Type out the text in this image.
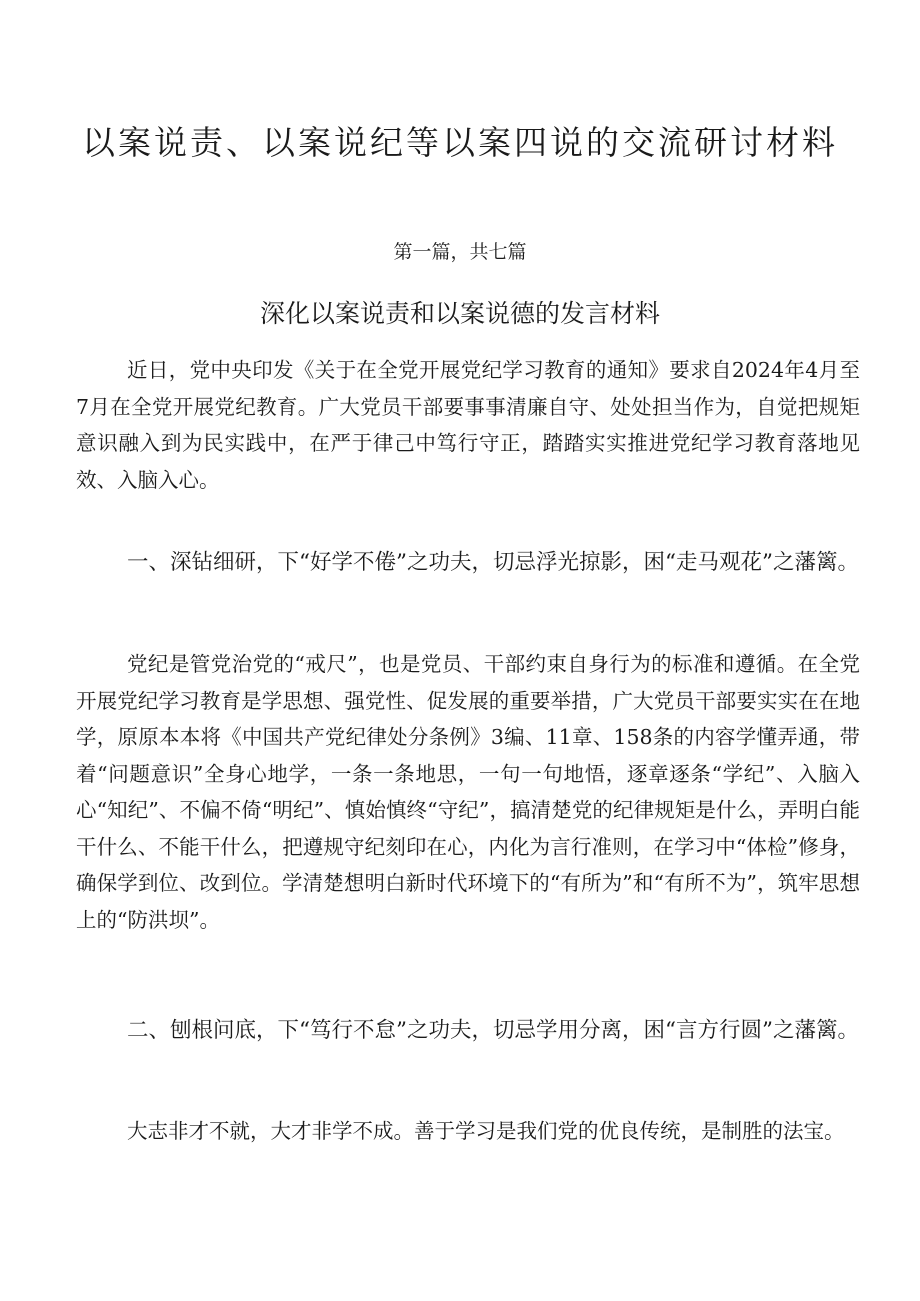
以案说责、以案说纪等以案四说的交流研讨材料
第一篇，共七篇
深化以案说责和以案说德的发言材料

近日，党中央印发《关于在全党开展党纪学习教育的通知》要求自2024年4月至7月在全党开展党纪教育。广大党员干部要事事清廉自守、处处担当作为，自觉把规矩意识融入到为民实践中，在严于律己中笃行守正，踏踏实实推进党纪学习教育落地见效、入脑入心。

一、深钻细研，下“好学不倦”之功夫，切忌浮光掠影，困“走马观花”之藩篱。

党纪是管党治党的“戒尺”，也是党员、干部约束自身行为的标准和遵循。在全党开展党纪学习教育是学思想、强党性、促发展的重要举措，广大党员干部要实实在在地学，原原本本将《中国共产党纪律处分条例》3编、11章、158条的内容学懂弄通，带着“问题意识”全身心地学，一条一条地思，一句一句地悟，逐章逐条“学纪”、入脑入心“知纪”、不偏不倚“明纪”、慎始慎终“守纪”，搞清楚党的纪律规矩是什么，弄明白能干什么、不能干什么，把遵规守纪刻印在心，内化为言行准则，在学习中“体检”修身，确保学到位、改到位。学清楚想明白新时代环境下的“有所为”和“有所不为”，筑牢思想上的“防洪坝”。

二、刨根问底，下“笃行不怠”之功夫，切忌学用分离，困“言方行圆”之藩篱。

大志非才不就，大才非学不成。善于学习是我们党的优良传统，是制胜的法宝。
